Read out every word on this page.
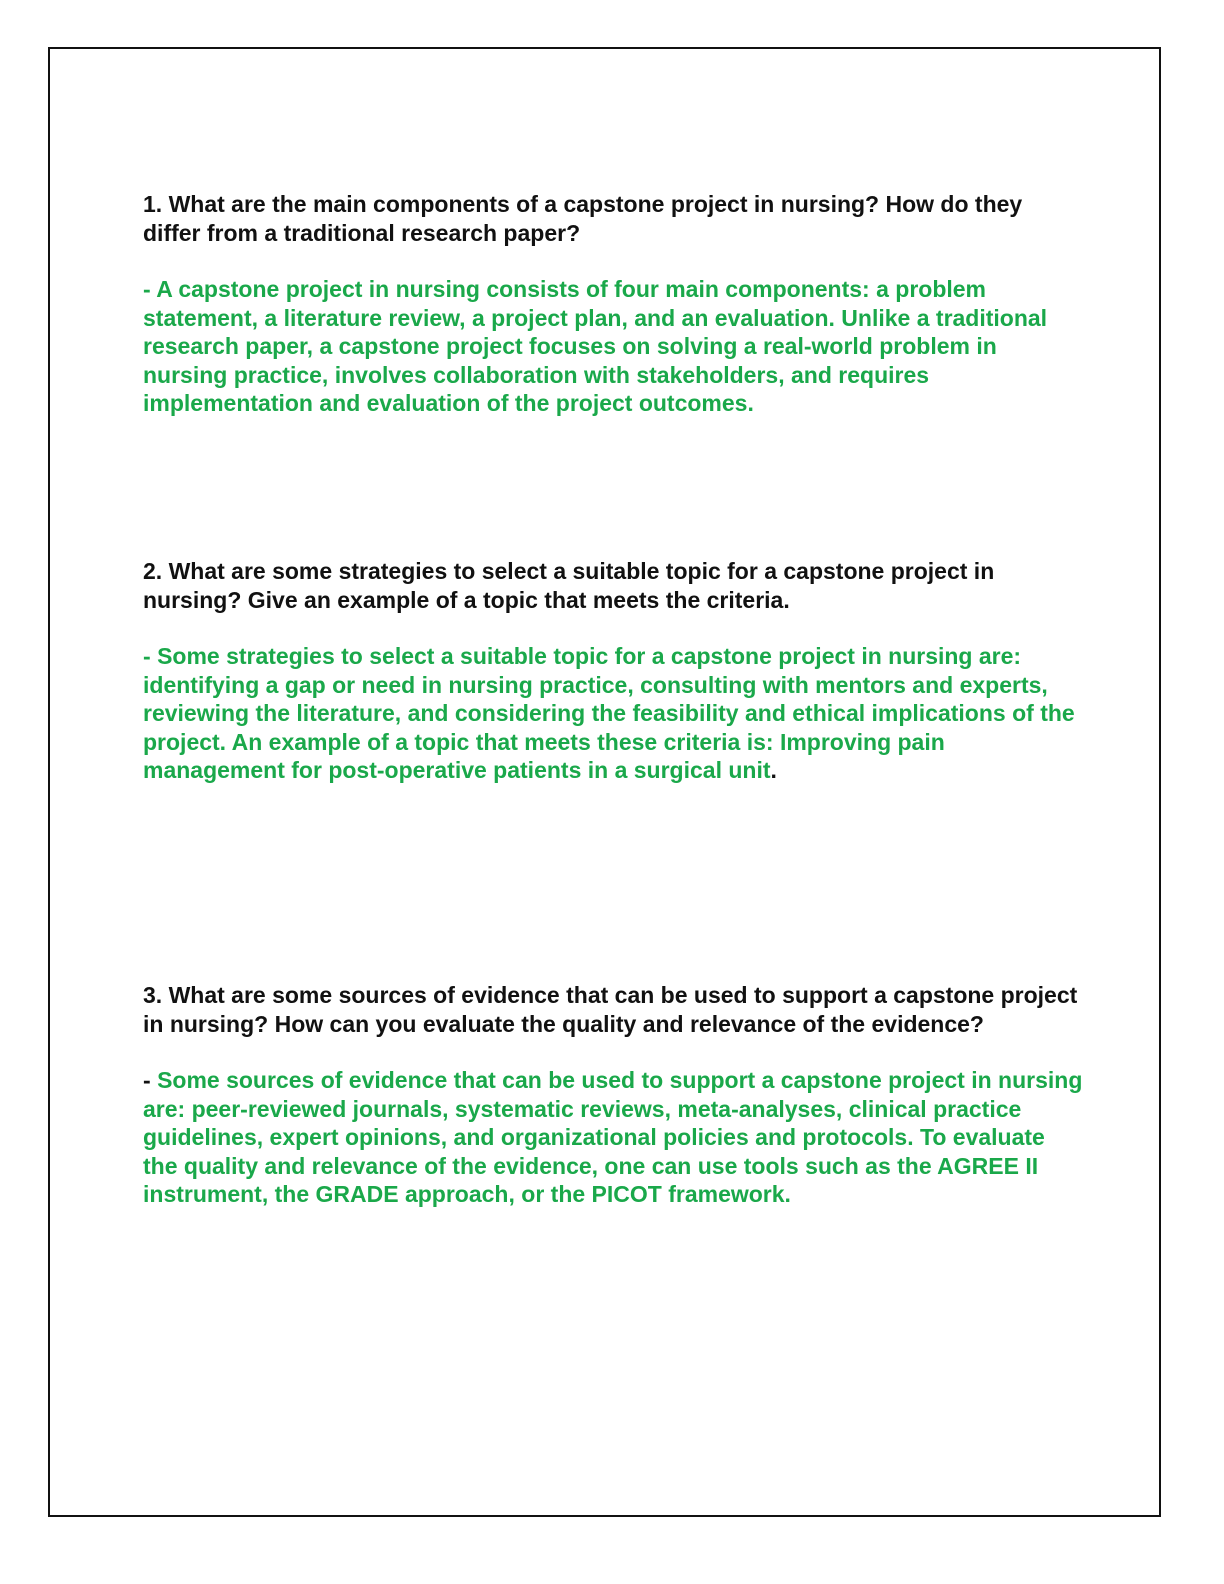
1. What are the main components of a capstone project in nursing? How do they differ from a traditional research paper?

- A capstone project in nursing consists of four main components: a problem statement, a literature review, a project plan, and an evaluation. Unlike a traditional research paper, a capstone project focuses on solving a real-world problem in nursing practice, involves collaboration with stakeholders, and requires implementation and evaluation of the project outcomes.

2. What are some strategies to select a suitable topic for a capstone project in nursing? Give an example of a topic that meets the criteria.

- Some strategies to select a suitable topic for a capstone project in nursing are: identifying a gap or need in nursing practice, consulting with mentors and experts, reviewing the literature, and considering the feasibility and ethical implications of the project. An example of a topic that meets these criteria is: Improving pain management for post-operative patients in a surgical unit.

3. What are some sources of evidence that can be used to support a capstone project in nursing? How can you evaluate the quality and relevance of the evidence?

- Some sources of evidence that can be used to support a capstone project in nursing are: peer-reviewed journals, systematic reviews, meta-analyses, clinical practice guidelines, expert opinions, and organizational policies and protocols. To evaluate the quality and relevance of the evidence, one can use tools such as the AGREE II instrument, the GRADE approach, or the PICOT framework.
